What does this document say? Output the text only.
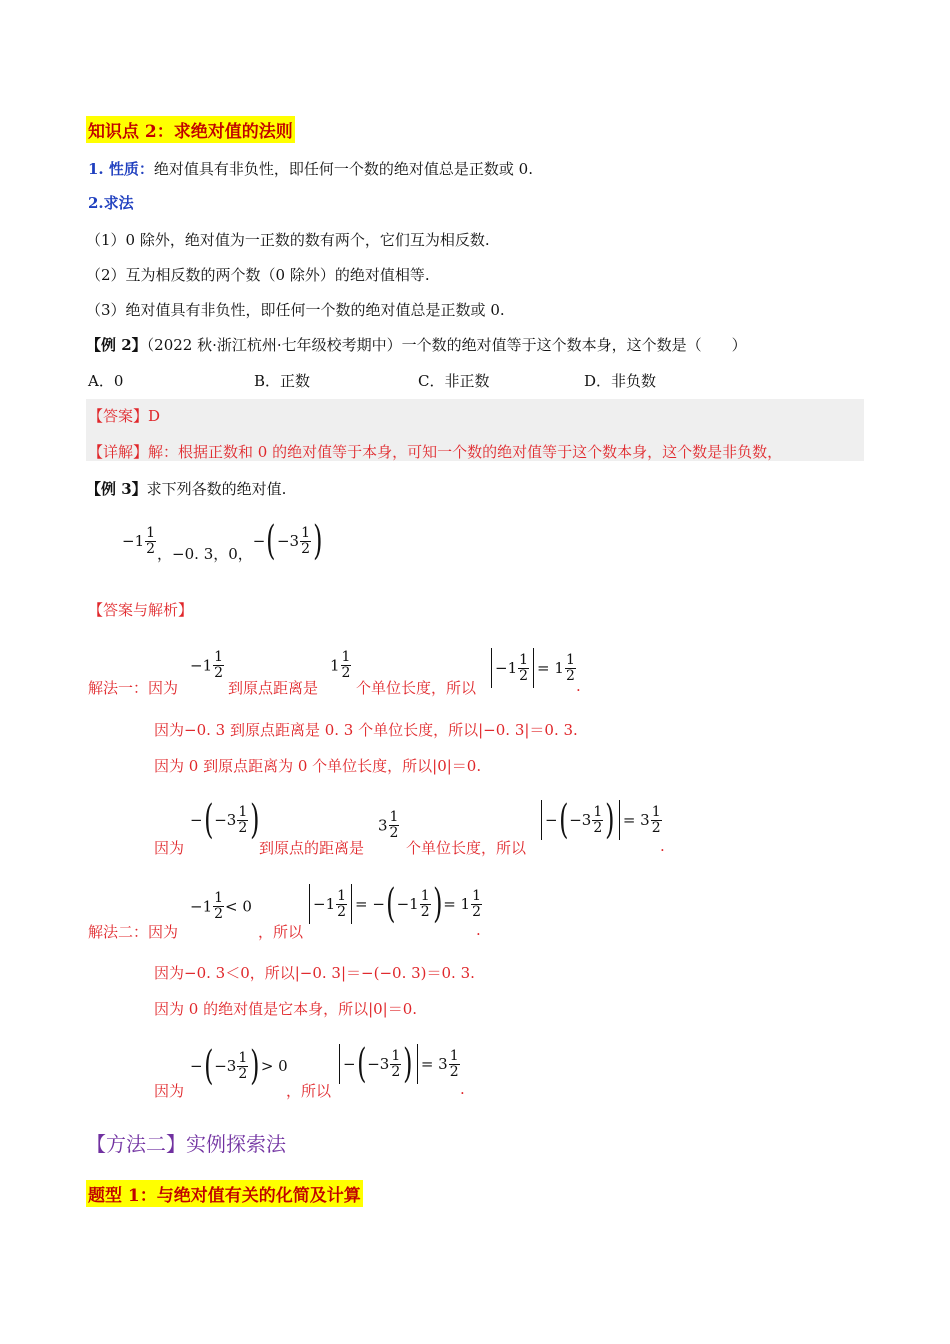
知识点 2：求绝对值的法则
1. 性质：绝对值具有非负性，即任何一个数的绝对值总是正数或 0.
2.求法
（1）0 除外，绝对值为一正数的数有两个，它们互为相反数.
（2）互为相反数的两个数（0 除外）的绝对值相等.
（3）绝对值具有非负性，即任何一个数的绝对值总是正数或 0.
【例 2】（2022 秋·浙江杭州·七年级校考期中）一个数的绝对值等于这个数本身，这个数是（　　）
A．0	B．正数	C．非正数	D．非负数
【答案】D
【详解】解：根据正数和 0 的绝对值等于本身，可知一个数的绝对值等于这个数本身，这个数是非负数，
【例 3】求下列各数的绝对值.
$-1 \frac{1}{2}$ ，−0. 3，0，$-(-3 \frac{1}{2}$ )
【答案与解析】
解法一：因为
$-1 \frac{1}{2}$
到原点距离是
$1 \frac{1}{2}$
个单位长度，所以
$-1 \frac{1}{2} = 1 \frac{1}{2}$
.
因为−0. 3 到原点距离是 0. 3 个单位长度，所以|−0. 3|＝0. 3.
因为 0 到原点距离为 0 个单位长度，所以|0|＝0.
因为
$-(-3 \frac{1}{2}$ )
到原点的距离是
$3 \frac{1}{2}$
个单位长度，所以
$-(-3 \frac{1}{2}$ ) = $3 \frac{1}{2}$
.
解法二：因为
$-1 \frac{1}{2} < 0$
，所以
$-1 \frac{1}{2} = -(-1 \frac{1}{2}$ )= $1 \frac{1}{2}$
.
因为−0. 3＜0，所以|−0. 3|＝−(−0. 3)＝0. 3.
因为 0 的绝对值是它本身，所以|0|＝0.
因为
$-(-3 \frac{1}{2}$ )> 0
，所以
$-(-3 \frac{1}{2}$ ) = $3 \frac{1}{2}$
.
【方法二】实例探索法
题型 1：与绝对值有关的化简及计算
